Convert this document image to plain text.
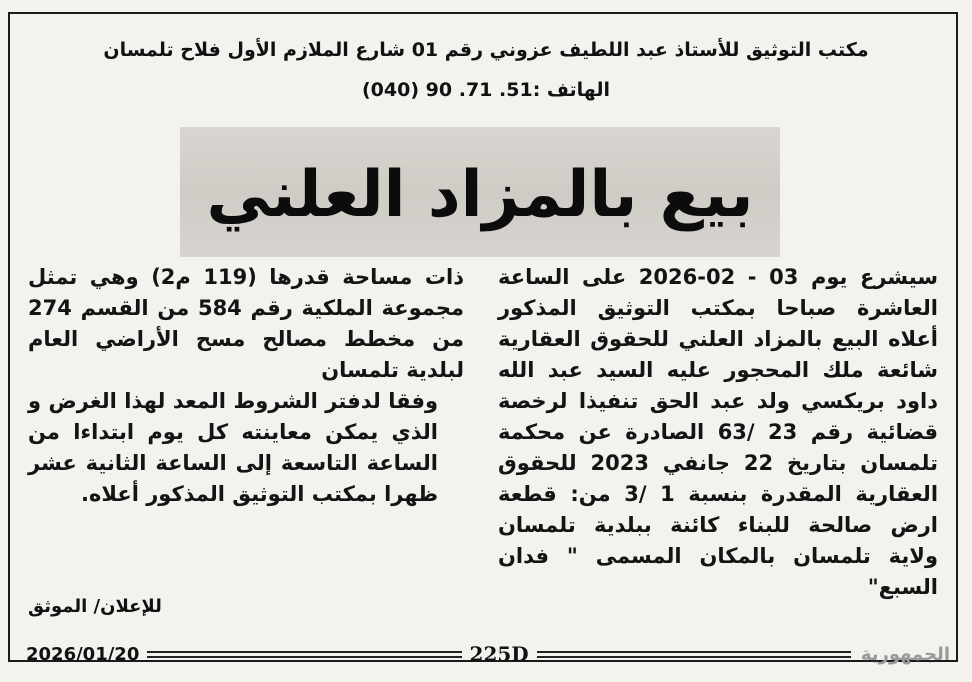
مكتب التوثيق للأستاذ عبد اللطيف عزوني رقم 01 شارع الملازم الأول فلاح تلمسان
الهاتف :51. 71. 90 (040)
بيع بالمزاد العلني

سيشرع يوم 03 - 02-2026 على الساعة العاشرة صباحا بمكتب التوثيق المذكور أعلاه البيع بالمزاد العلني للحقوق العقارية شائعة ملك المحجور عليه السيد عبد الله داود بريكسي ولد عبد الحق تنفيذا لرخصة قضائية رقم 23 /63 الصادرة عن محكمة تلمسان بتاريخ 22 جانفي 2023 للحقوق العقارية المقدرة بنسبة 1 /3 من: قطعة ارض صالحة للبناء كائنة ببلدية تلمسان ولاية تلمسان بالمكان المسمى " فدان السبع"

ذات مساحة قدرها (119 م2) وهي تمثل مجموعة الملكية رقم 584 من القسم 274 من مخطط مصالح مسح الأراضي العام لبلدية تلمسان

وفقا لدفتر الشروط المعد لهذا الغرض و الذي يمكن معاينته كل يوم ابتداءا من الساعة التاسعة إلى الساعة الثانية عشر ظهرا بمكتب التوثيق المذكور أعلاه.

للإعلان/ الموثق
2026/01/20	225D	الجمهورية
